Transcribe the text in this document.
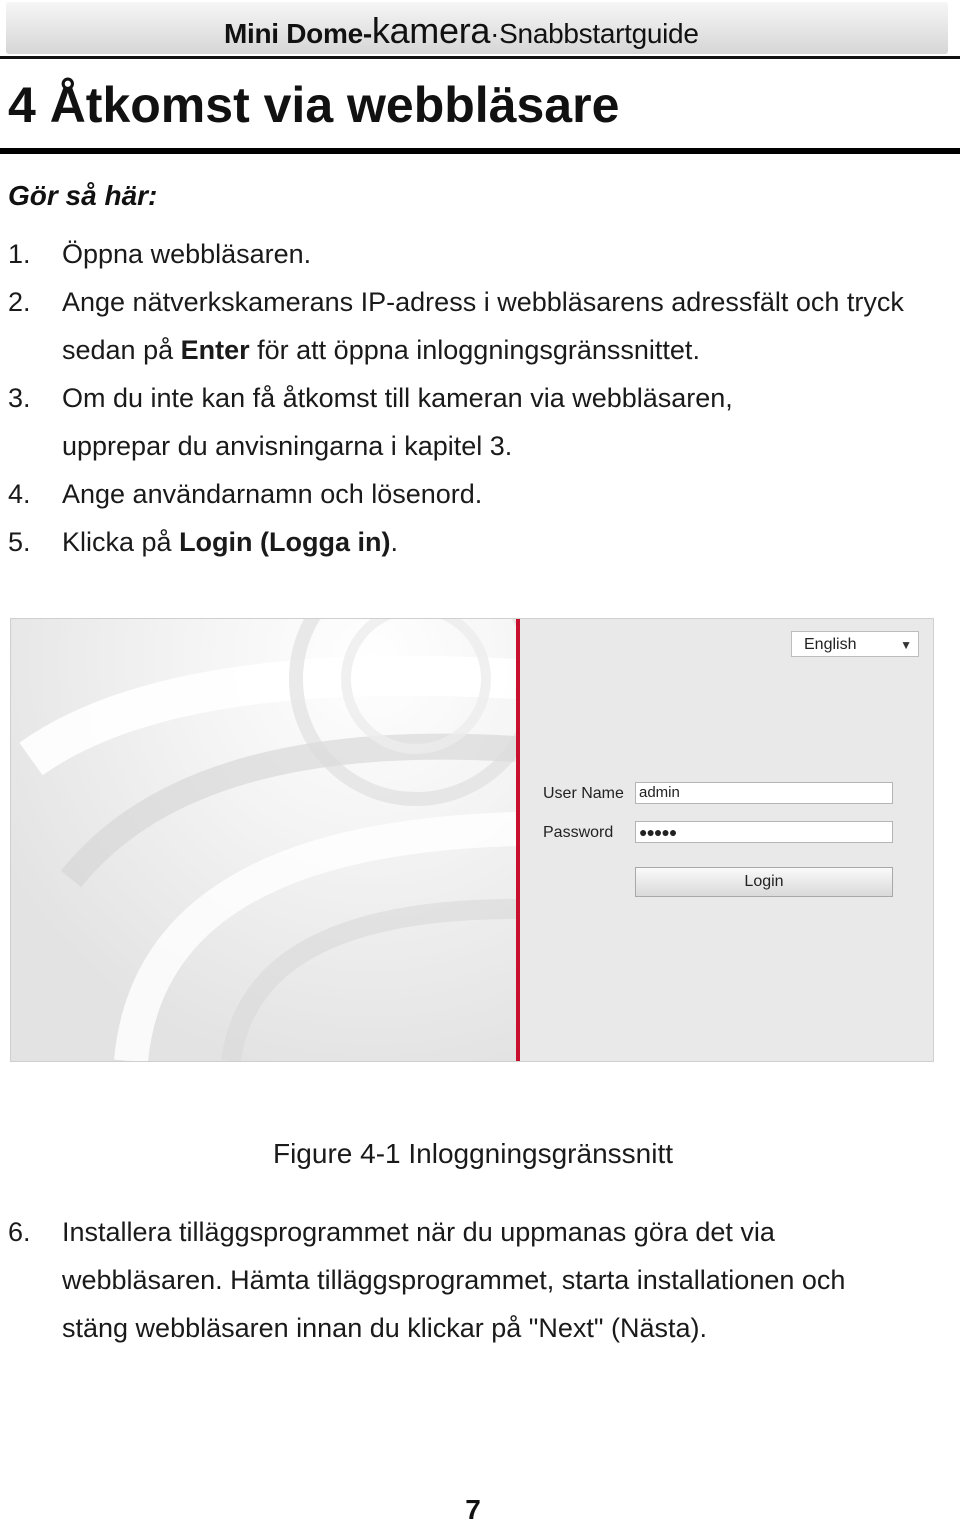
Mini Dome-kamera·Snabbstartguide
4 Åtkomst via webbläsare
Gör så här:
1. Öppna webbläsaren.
2. Ange nätverkskamerans IP-adress i webbläsarens adressfält och tryck sedan på Enter för att öppna inloggningsgränssnittet.
3. Om du inte kan få åtkomst till kameran via webbläsaren, upprepar du anvisningarna i kapitel 3.
4. Ange användarnamn och lösenord.
5. Klicka på Login (Logga in).
English	▼
User Name admin
Password ●●●●●
Login
Figure 4-1 Inloggningsgränssnitt
6. Installera tilläggsprogrammet när du uppmanas göra det via webbläsaren. Hämta tilläggsprogrammet, starta installationen och stäng webbläsaren innan du klickar på "Next" (Nästa).
7
